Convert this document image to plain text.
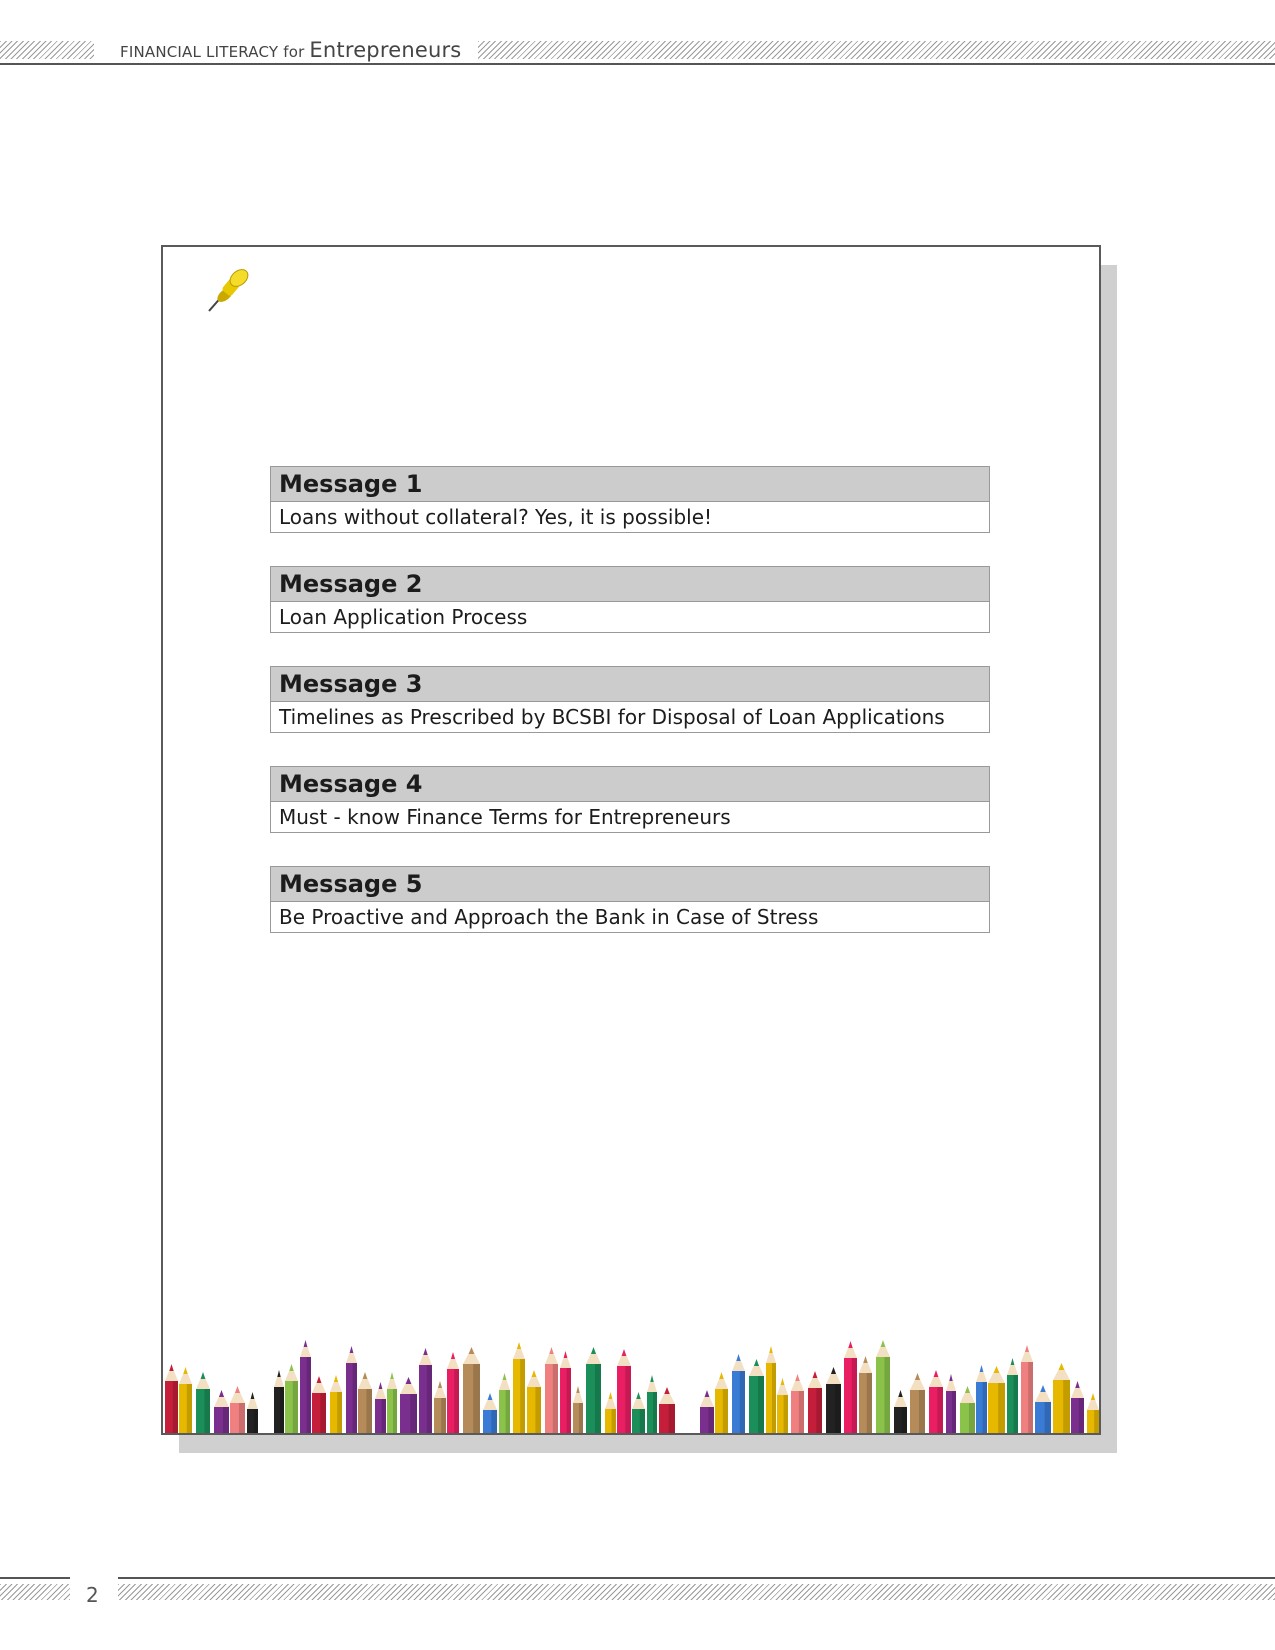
FINANCIAL LITERACY for Entrepreneurs
Message 1
Loans without collateral? Yes, it is possible!
Message 2
Loan Application Process
Message 3
Timelines as Prescribed by BCSBI for Disposal of Loan Applications
Message 4
Must - know Finance Terms for Entrepreneurs
Message 5
Be Proactive and Approach the Bank in Case of Stress
2
